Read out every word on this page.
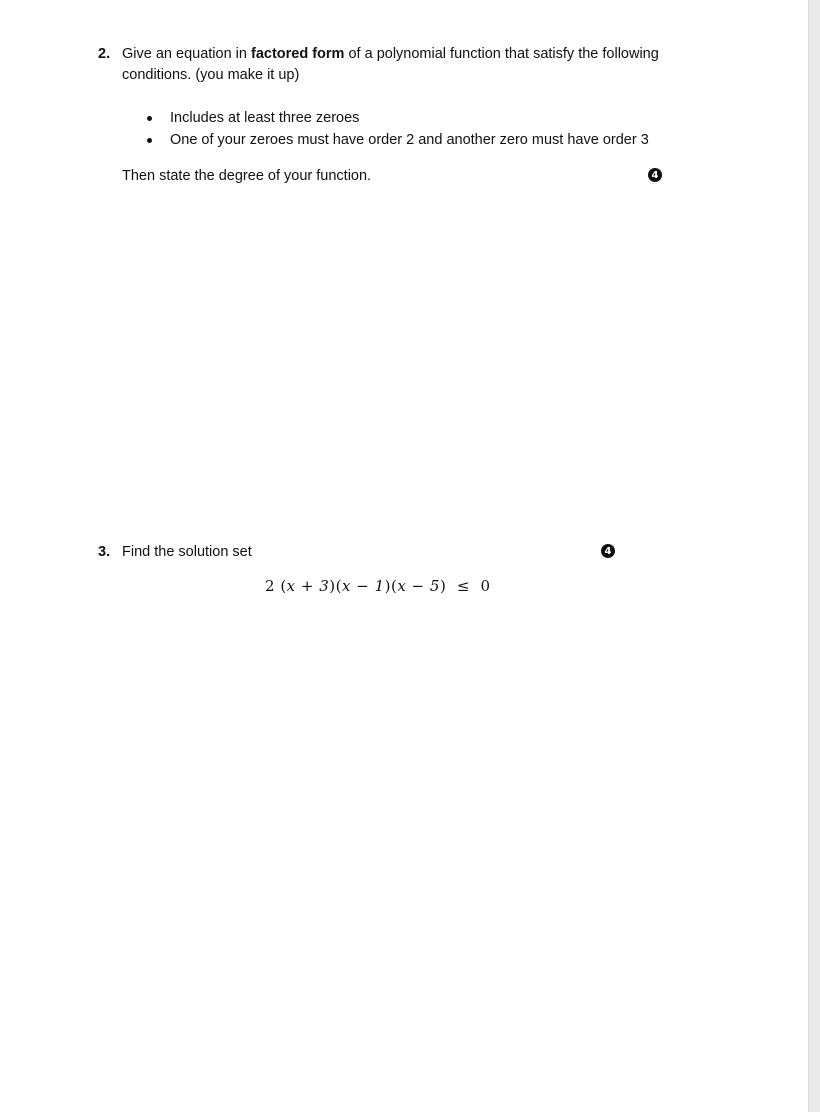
2. Give an equation in factored form of a polynomial function that satisfy the following
conditions. (you make it up)
Includes at least three zeroes
One of your zeroes must have order 2 and another zero must have order 3
Then state the degree of your function.	4
3. Find the solution set	4
2 (x + 3)(x − 1)(x − 5)  ≤ 0
